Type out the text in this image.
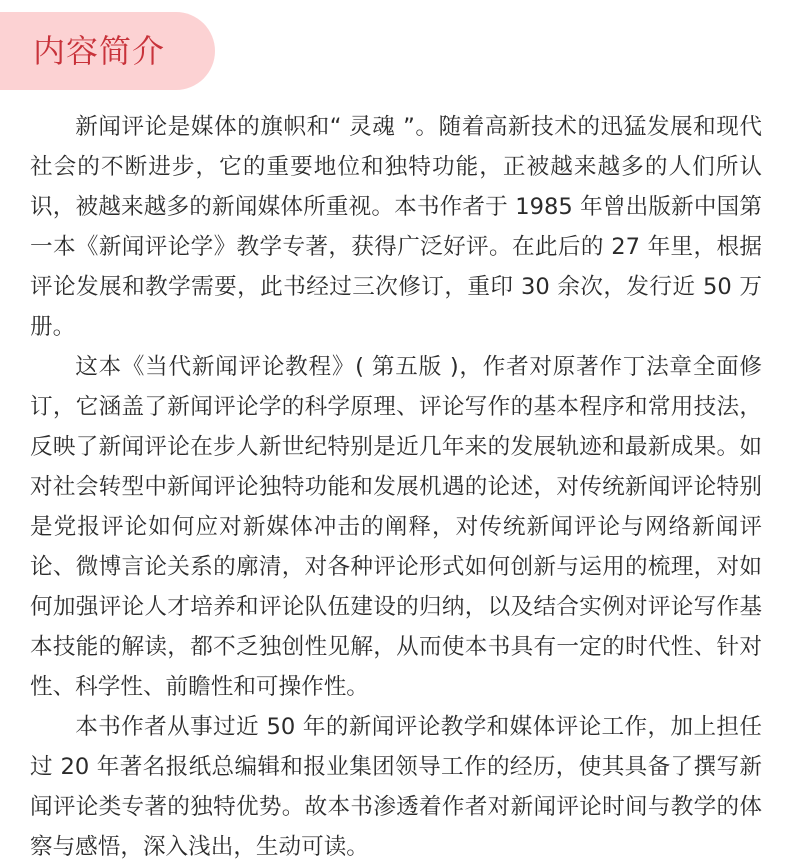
内容简介

新闻评论是媒体的旗帜和“ 灵魂 ”。随着高新技术的迅猛发展和现代社会的不断进步，它的重要地位和独特功能，正被越来越多的人们所认识，被越来越多的新闻媒体所重视。本书作者于 1985 年曾出版新中国第一本《新闻评论学》教学专著，获得广泛好评。在此后的 27 年里，根据评论发展和教学需要，此书经过三次修订，重印 30 余次，发行近 50 万册。

这本《当代新闻评论教程》( 第五版 )，作者对原著作丁法章全面修订，它涵盖了新闻评论学的科学原理、评论写作的基本程序和常用技法，反映了新闻评论在步人新世纪特别是近几年来的发展轨迹和最新成果。如对社会转型中新闻评论独特功能和发展机遇的论述，对传统新闻评论特别是党报评论如何应对新媒体冲击的阐释，对传统新闻评论与网络新闻评论、微博言论关系的廓清，对各种评论形式如何创新与运用的梳理，对如何加强评论人才培养和评论队伍建设的归纳，以及结合实例对评论写作基本技能的解读，都不乏独创性见解，从而使本书具有一定的时代性、针对性、科学性、前瞻性和可操作性。

本书作者从事过近 50 年的新闻评论教学和媒体评论工作，加上担任过 20 年著名报纸总编辑和报业集团领导工作的经历，使其具备了撰写新闻评论类专著的独特优势。故本书渗透着作者对新闻评论时间与教学的体察与感悟，深入浅出，生动可读。
